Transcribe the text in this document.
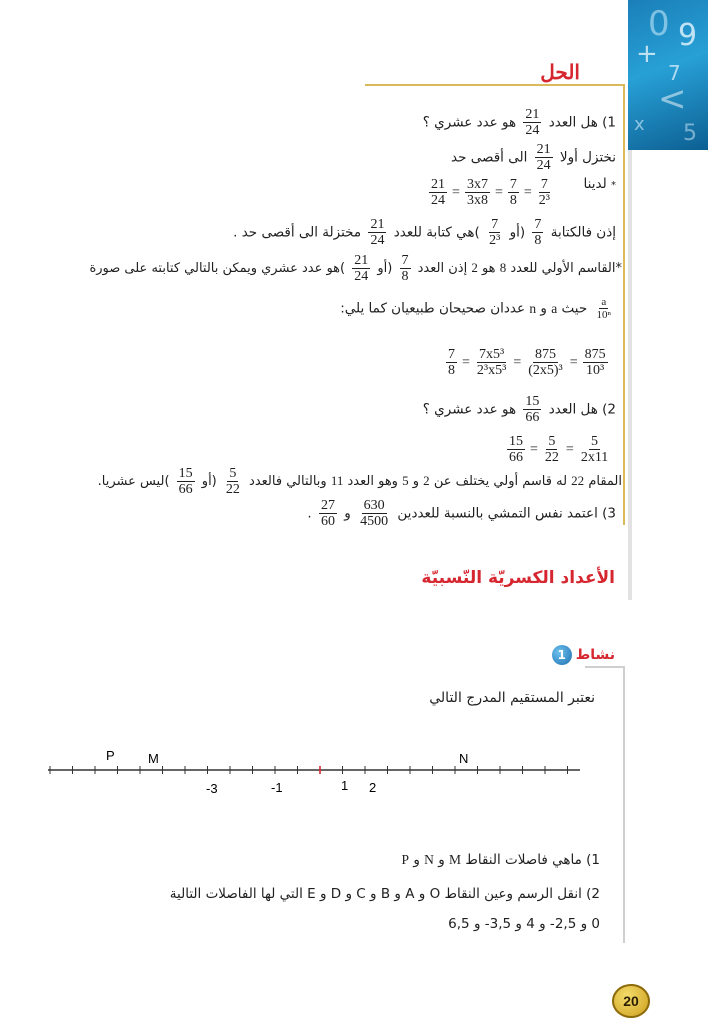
0 9
+
7
<
x 5
الحل
1) هل العدد
$\frac{21}{24}$
هو عدد عشري ؟
نختزل أولا
$\frac{21}{24}$
الى أقصى حد
* لدينا
$\frac{21}{24} = \frac{3x7}{3x8} = \frac{7}{8} = \frac{7}{\text{2³}}$
إذن فالكتابة
$\frac{7}{8}$
(أو
$\frac{7}{\text{2³}}$
)هي كتابة للعدد
$\frac{21}{24}$
مختزلة الى أقصى حد .
*القاسم الأولي للعدد 8 هو 2 إذن العدد
$\frac{7}{8}$
(أو
$\frac{21}{24}$
)هو عدد عشري ويمكن بالتالي كتابته على صورة
$\frac{a}{\text{10ⁿ}}$
حيث a و n عددان صحيحان طبيعيان كما يلي:
$\frac{7}{8} = \frac{\text{7x5³}}{\text{2³x5³}} = \frac{875}{\text{(2x5)³}} = \frac{875}{\text{10³}}$
2) هل العدد
$\frac{15}{66}$
هو عدد عشري ؟
$\frac{15}{66} = \frac{5}{22} = \frac{5}{2x11}$
المقام 22 له قاسم أولي يختلف عن 2 و 5 وهو العدد 11 وبالتالي فالعدد
$\frac{5}{22}$
(أو
$\frac{15}{66}$
)ليس عشريا.
3) اعتمد نفس التمشي بالنسبة للعددين
$\frac{630}{4500}$
و
$\frac{27}{60}$
.
الأعداد الكسريّة النّسبيّة
نشاط
1
نعتبر المستقيم المدرج التالي
P	M	N
-3	-1	1 2
1) ماهي فاصلات النقاط M و N و P
2) انقل الرسم وعين النقاط O و A و B و C و D و E التي لها الفاصلات التالية
0 و 2,5- و 4 و 3,5- و 6,5
20
